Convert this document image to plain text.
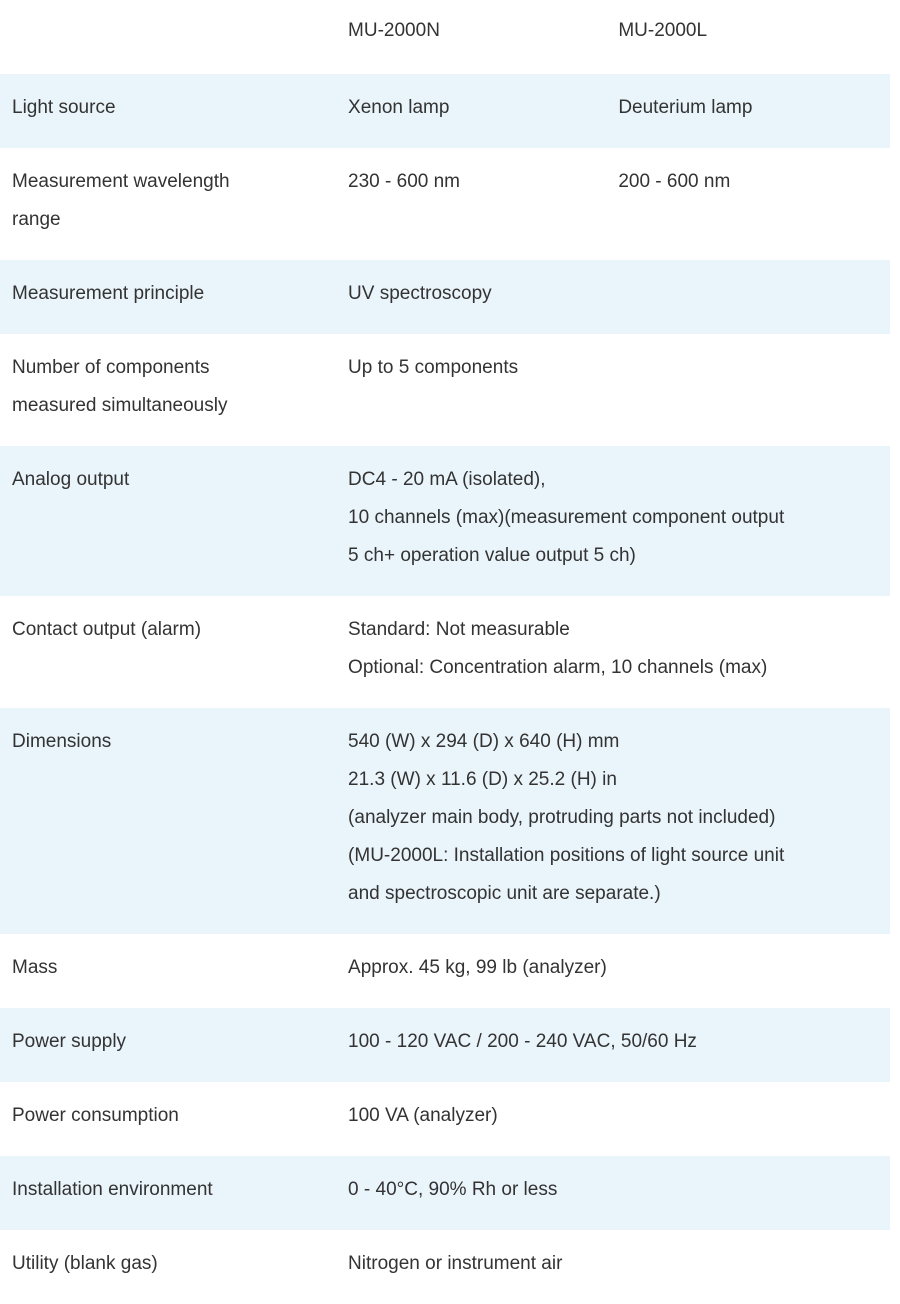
	MU-2000N	MU-2000L

Light source	Xenon lamp	Deuterium lamp

Measurement wavelength
range	230 - 600 nm	200 - 600 nm

Measurement principle	UV spectroscopy	

Number of components
measured simultaneously	Up to 5 components	

Analog output	DC4 - 20 mA (isolated),
10 channels (max)(measurement component output
5 ch+ operation value output 5 ch)	

Contact output (alarm)	Standard: Not measurable
Optional: Concentration alarm, 10 channels (max)	

Dimensions	540 (W) x 294 (D) x 640 (H) mm
21.3 (W) x 11.6 (D) x 25.2 (H) in
(analyzer main body, protruding parts not included)
(MU-2000L: Installation positions of light source unit
and spectroscopic unit are separate.)	

Mass	Approx. 45 kg, 99 lb (analyzer)	

Power supply	100 - 120 VAC / 200 - 240 VAC, 50/60 Hz	

Power consumption	100 VA (analyzer)	

Installation environment	0 - 40°C, 90% Rh or less	

Utility (blank gas)	Nitrogen or instrument air	
